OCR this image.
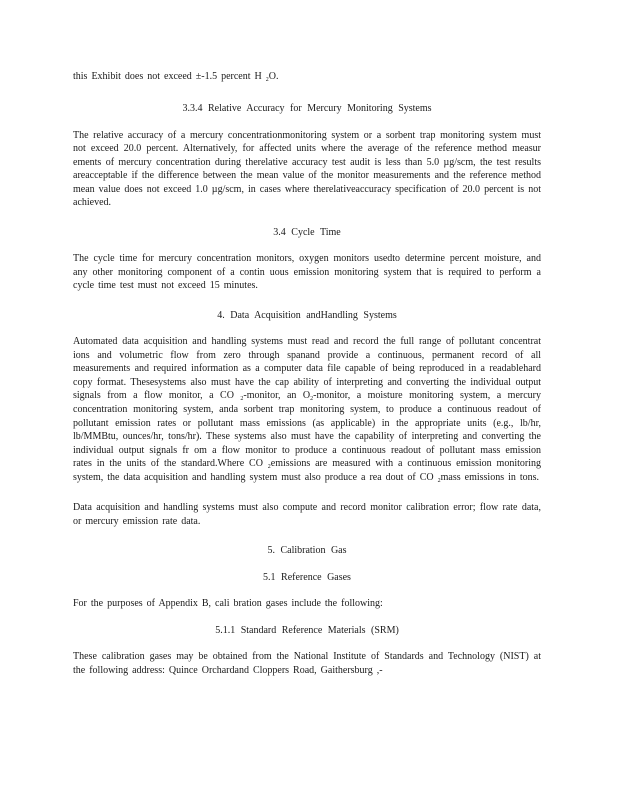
this Exhibit does not exceed ±-1.5 percent H $_2$O.

3.3.4 Relative Accuracy for Mercury Monitoring Systems

The relative accuracy of a mercury concentrationmonitoring system or a sorbent trap monitoring system must not exceed 20.0 percent. Alternatively, for affected units where the average of the reference method measur ements of mercury concentration during therelative accuracy test audit is less than 5.0 µg/scm, the test results areacceptable if the difference between the mean value of the monitor measurements and the reference method mean value does not exceed 1.0 µg/scm, in cases where therelativeaccuracy specification of 20.0 percent is not achieved.

3.4 Cycle Time

The cycle time for mercury concentration monitors, oxygen monitors usedto determine percent moisture, and any other monitoring component of a contin uous emission monitoring system that is required to perform a cycle time test must not exceed 15 minutes.

4. Data Acquisition andHandling Systems

Automated data acquisition and handling systems must read and record the full range of pollutant concentrat ions and volumetric flow from zero through spanand provide a continuous, permanent record of all measurements and required information as a computer data file capable of being reproduced in a readablehard copy format. Thesesystems also must have the cap ability of interpreting and converting the individual output signals from a flow monitor, a CO $_2$-monitor, an $O_2$-monitor, a moisture monitoring system, a mercury concentration monitoring system, anda sorbent trap monitoring system, to produce a continuous readout of pollutant emission rates or pollutant mass emissions (as applicable) in the appropriate units (e.g., lb/hr, lb/MMBtu, ounces/hr, tons/hr). These systems also must have the capability of interpreting and converting the individual output signals fr om a flow monitor to produce a continuous readout of pollutant mass emission rates in the units of the standard.Where CO $_2$emissions are measured with a continuous emission monitoring system, the data acquisition and handling system must also produce a rea dout of CO $_2$mass emissions in tons.

Data acquisition and handling systems must also compute and record monitor calibration error; flow rate data, or mercury emission rate data.

5. Calibration Gas
5.1 Reference Gases

For the purposes of Appendix B, cali bration gases include the following:

5.1.1 Standard Reference Materials (SRM)

These calibration gases may be obtained from the National Institute of Standards and Technology (NIST) at the following address: Quince Orchardand Cloppers Road, Gaithersburg ,-
